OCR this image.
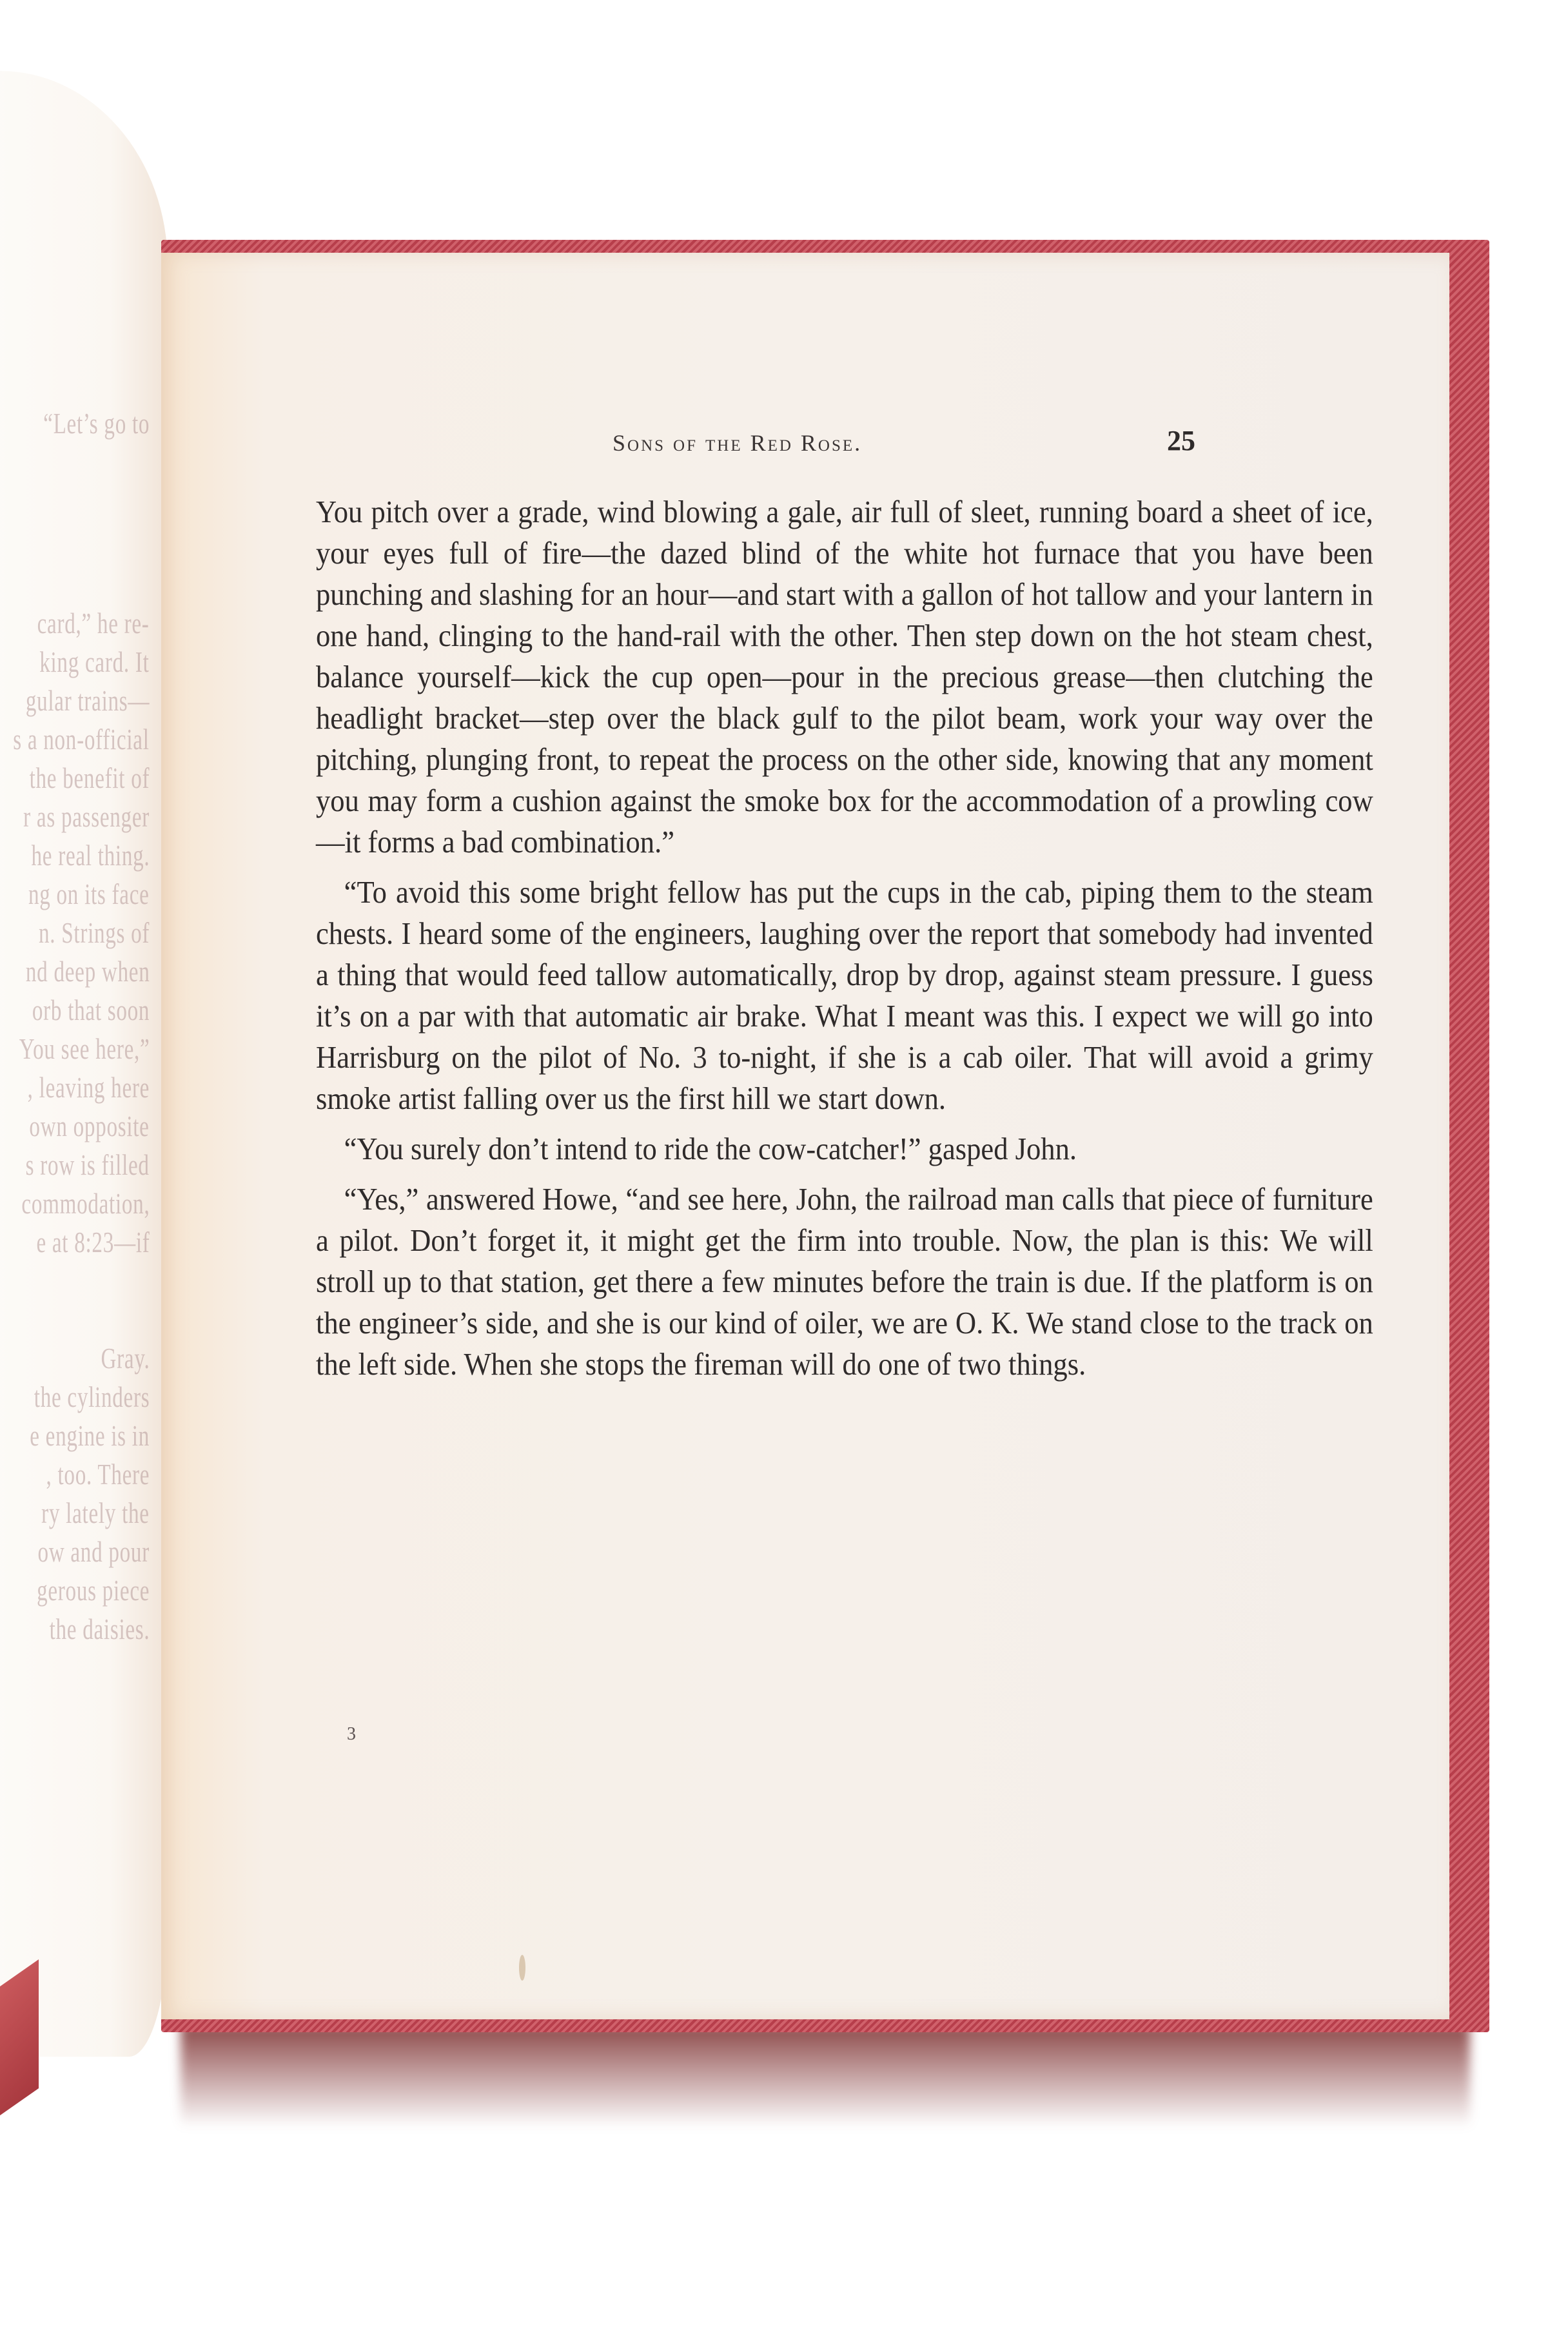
“Let’s go to
card,” he re-
king card. It
gular trains—
s a non-official
the benefit of
r as passenger
he real thing.
ng on its face
n. Strings of
nd deep when
orb that soon
You see here,”
, leaving here
own opposite
s row is filled
commodation,
e at 8:23—if
Gray.
the cylinders
e engine is in
, too. There
ry lately the
ow and pour
gerous piece
the daisies.
Sons of the Red Rose.	25

You pitch over a grade, wind blowing a gale, air full of sleet, running board a sheet of ice, your eyes full of fire—the dazed blind of the white hot furnace that you have been punching and slashing for an hour—and start with a gallon of hot tallow and your lantern in one hand, clinging to the hand-rail with the other. Then step down on the hot steam chest, balance yourself—kick the cup open—pour in the precious grease—then clutching the headlight bracket—step over the black gulf to the pilot beam, work your way over the pitching, plunging front, to repeat the process on the other side, knowing that any moment you may form a cushion against the smoke box for the accommodation of a prowling cow—it forms a bad combination.”

“To avoid this some bright fellow has put the cups in the cab, piping them to the steam chests. I heard some of the engineers, laughing over the report that somebody had invented a thing that would feed tallow automatically, drop by drop, against steam pressure. I guess it’s on a par with that automatic air brake. What I meant was this. I expect we will go into Harrisburg on the pilot of No. 3 to-night, if she is a cab oiler. That will avoid a grimy smoke artist falling over us the first hill we start down.

“You surely don’t intend to ride the cow-catcher!” gasped John.

“Yes,” answered Howe, “and see here, John, the railroad man calls that piece of furniture a pilot. Don’t forget it, it might get the firm into trouble. Now, the plan is this: We will stroll up to that station, get there a few minutes before the train is due. If the platform is on the engineer’s side, and she is our kind of oiler, we are O. K. We stand close to the track on the left side. When she stops the fireman will do one of two things.

3
